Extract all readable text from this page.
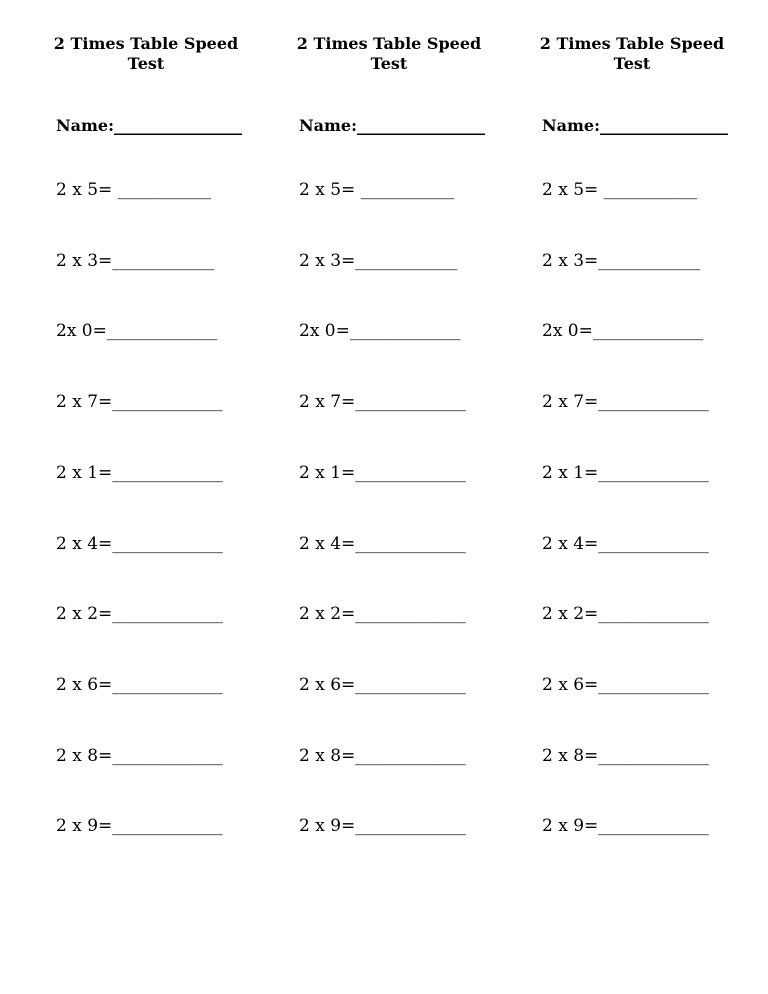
2 Times Table Speed Test
Name:________________
2 x 5= ___________
2 x 3=____________
2x 0=_____________
2 x 7=_____________
2 x 1=_____________
2 x 4=_____________
2 x 2=_____________
2 x 6=_____________
2 x 8=_____________
2 x 9=_____________
2 Times Table Speed Test
Name:________________
2 x 5= ___________
2 x 3=____________
2x 0=_____________
2 x 7=_____________
2 x 1=_____________
2 x 4=_____________
2 x 2=_____________
2 x 6=_____________
2 x 8=_____________
2 x 9=_____________
2 Times Table Speed Test
Name:________________
2 x 5= ___________
2 x 3=____________
2x 0=_____________
2 x 7=_____________
2 x 1=_____________
2 x 4=_____________
2 x 2=_____________
2 x 6=_____________
2 x 8=_____________
2 x 9=_____________
